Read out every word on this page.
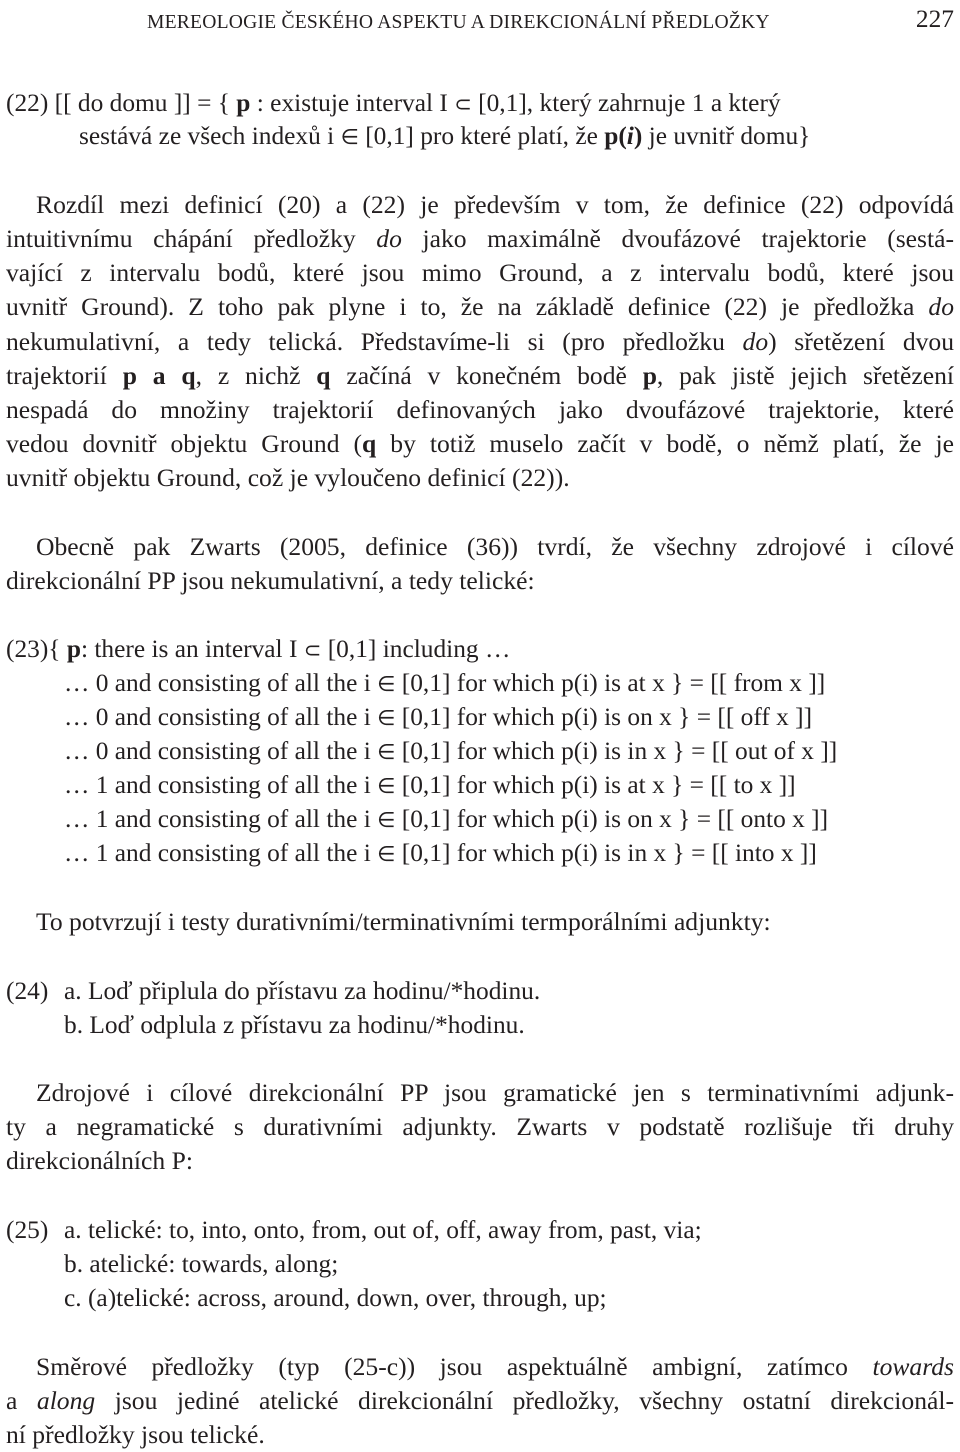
MEREOLOGIE ČESKÉHO ASPEKTU A DIREKCIONÁLNÍ PŘEDLOŽKY	227
(22) [[ do domu ]] = { p : existuje interval I ⊂ [0,1], který zahrnuje 1 a který
sestává ze všech indexů i ∈ [0,1] pro které platí, že p(i) je uvnitř domu}
Rozdíl mezi definicí (20) a (22) je především v tom, že definice (22) odpovídá
intuitivnímu chápání předložky do jako maximálně dvoufázové trajektorie (sestá-
vající z intervalu bodů, které jsou mimo Ground, a z intervalu bodů, které jsou
uvnitř Ground). Z toho pak plyne i to, že na základě definice (22) je předložka do
nekumulativní, a tedy telická. Představíme-li si (pro předložku do) sřetězení dvou
trajektorií p a q, z nichž q začíná v konečném bodě p, pak jistě jejich sřetězení
nespadá do množiny trajektorií definovaných jako dvoufázové trajektorie, které
vedou dovnitř objektu Ground (q by totiž muselo začít v bodě, o němž platí, že je
uvnitř objektu Ground, což je vyloučeno definicí (22)).
Obecně pak Zwarts (2005, definice (36)) tvrdí, že všechny zdrojové i cílové
direkcionální PP jsou nekumulativní, a tedy telické:
(23){ p: there is an interval I ⊂ [0,1] including …
… 0 and consisting of all the i ∈ [0,1] for which p(i) is at x } = [[ from x ]]
… 0 and consisting of all the i ∈ [0,1] for which p(i) is on x } = [[ off x ]]
… 0 and consisting of all the i ∈ [0,1] for which p(i) is in x } = [[ out of x ]]
… 1 and consisting of all the i ∈ [0,1] for which p(i) is at x } = [[ to x ]]
… 1 and consisting of all the i ∈ [0,1] for which p(i) is on x } = [[ onto x ]]
… 1 and consisting of all the i ∈ [0,1] for which p(i) is in x } = [[ into x ]]
To potvrzují i testy durativními/terminativními termporálními adjunkty:
(24) a. Loď připlula do přístavu za hodinu/*hodinu.
b. Loď odplula z přístavu za hodinu/*hodinu.
Zdrojové i cílové direkcionální PP jsou gramatické jen s terminativními adjunk-
ty a negramatické s durativními adjunkty. Zwarts v podstatě rozlišuje tři druhy
direkcionálních P:
(25) a. telické: to, into, onto, from, out of, off, away from, past, via;
b. atelické: towards, along;
c. (a)telické: across, around, down, over, through, up;
Směrové předložky (typ (25-c)) jsou aspektuálně ambigní, zatímco towards
a along jsou jediné atelické direkcionální předložky, všechny ostatní direkcionál-
ní předložky jsou telické.
